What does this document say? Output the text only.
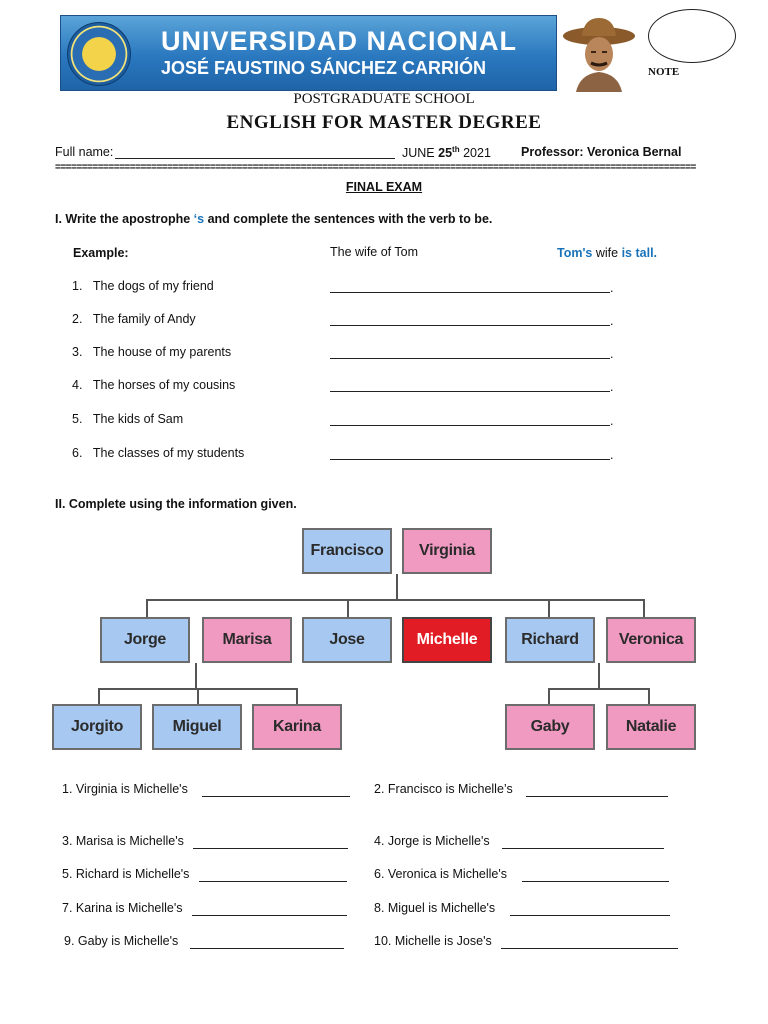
UNIVERSIDAD NACIONAL
JOSÉ FAUSTINO SÁNCHEZ CARRIÓN	NOTE
POSTGRADUATE SCHOOL
ENGLISH FOR MASTER DEGREE
Full name:	JUNE 25th 2021 Professor: Veronica Bernal
========================================================================================================================
FINAL EXAM
I. Write the apostrophe ‘s and complete the sentences with the verb to be.
Example:	The wife of Tom	Tom's wife is tall.
1. The dogs of my friend	.
2. The family of Andy	.
3. The house of my parents	.
4. The horses of my cousins	.
5. The kids of Sam	.
6. The classes of my students	.
II. Complete using the information given.
Francisco	Virginia
Jorge	Marisa	Jose	Michelle	Richard	Veronica
Jorgito	Miguel	Karina	Gaby	Natalie
1. Virginia is Michelle's	2. Francisco is Michelle’s
3. Marisa is Michelle's	4. Jorge is Michelle's
5. Richard is Michelle's	6. Veronica is Michelle's
7. Karina is Michelle's	8. Miguel is Michelle's
9. Gaby is Michelle's	10. Michelle is Jose's
